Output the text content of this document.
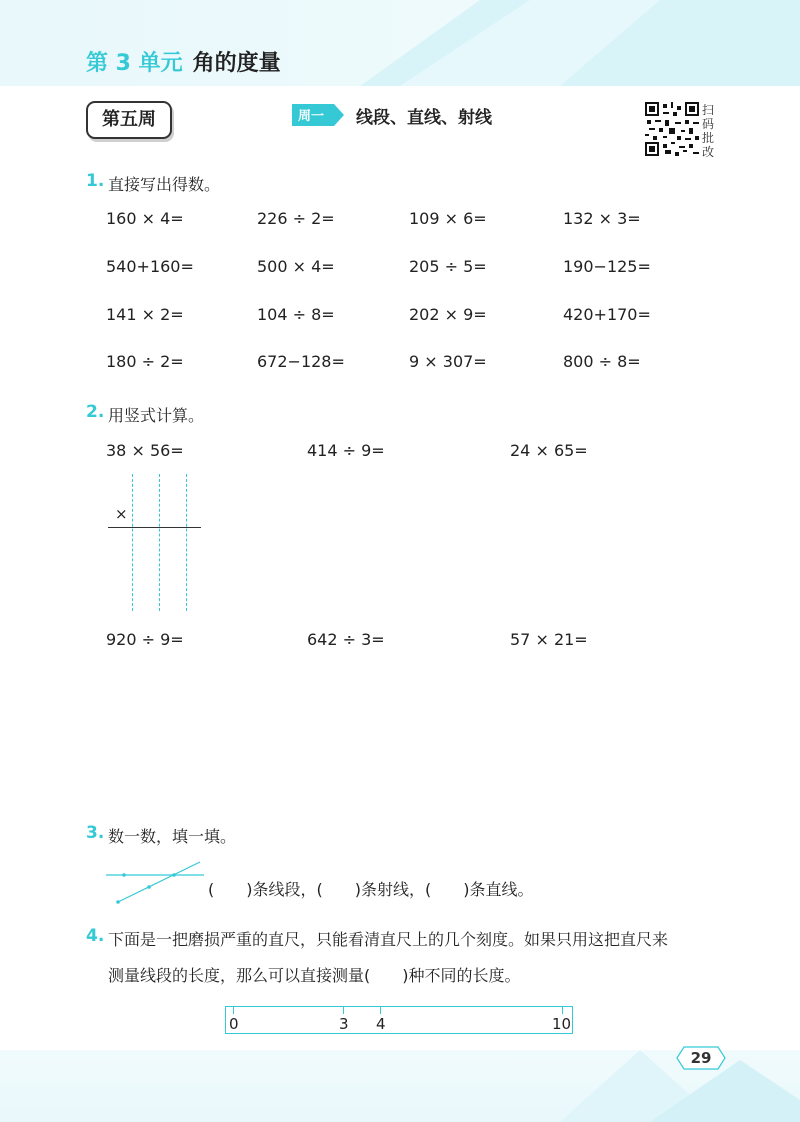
第 3 单元 角的度量
第五周	周一 线段、直线、射线	扫码批改
1. 直接写出得数。
160 × 4=	226 ÷ 2=	109 × 6=	132 × 3=
540+160=	500 × 4=	205 ÷ 5=	190−125=
141 × 2=	104 ÷ 8=	202 × 9=	420+170=
180 ÷ 2=	672−128=	9 × 307=	800 ÷ 8=
2. 用竖式计算。
38 × 56=	414 ÷ 9=	24 × 65=
×
920 ÷ 9=	642 ÷ 3=	57 × 21=
3. 数一数，填一填。
(　　)条线段，(　　)条射线，(　　)条直线。
4. 下面是一把磨损严重的直尺，只能看清直尺上的几个刻度。如果只用这把直尺来
测量线段的长度，那么可以直接测量(　　)种不同的长度。
0	3 4	10
29
